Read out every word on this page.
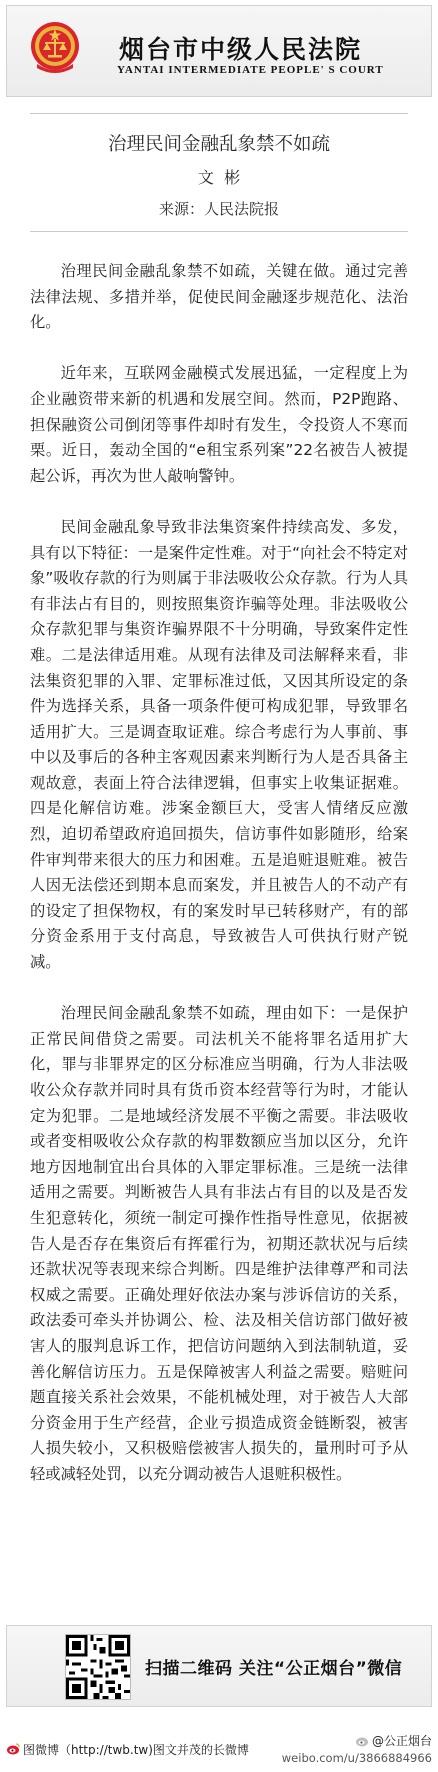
烟台市中级人民法院
YANTAI INTERMEDIATE PEOPLE' S COURT
治理民间金融乱象禁不如疏
文  彬
来源：人民法院报

治理民间金融乱象禁不如疏，关键在做。通过完善法律法规、多措并举，促使民间金融逐步规范化、法治化。

近年来，互联网金融模式发展迅猛，一定程度上为企业融资带来新的机遇和发展空间。然而，P2P跑路、担保融资公司倒闭等事件却时有发生，令投资人不寒而栗。近日，轰动全国的“e租宝系列案”22名被告人被提起公诉，再次为世人敲响警钟。

民间金融乱象导致非法集资案件持续高发、多发，具有以下特征：一是案件定性难。对于“向社会不特定对象”吸收存款的行为则属于非法吸收公众存款。行为人具有非法占有目的，则按照集资诈骗等处理。非法吸收公众存款犯罪与集资诈骗界限不十分明确，导致案件定性难。二是法律适用难。从现有法律及司法解释来看，非法集资犯罪的入罪、定罪标准过低，又因其所设定的条件为选择关系，具备一项条件便可构成犯罪，导致罪名适用扩大。三是调查取证难。综合考虑行为人事前、事中以及事后的各种主客观因素来判断行为人是否具备主观故意，表面上符合法律逻辑，但事实上收集证据难。四是化解信访难。涉案金额巨大，受害人情绪反应激烈，迫切希望政府追回损失，信访事件如影随形，给案件审判带来很大的压力和困难。五是追赃退赃难。被告人因无法偿还到期本息而案发，并且被告人的不动产有的设定了担保物权，有的案发时早已转移财产，有的部分资金系用于支付高息，导致被告人可供执行财产锐减。

治理民间金融乱象禁不如疏，理由如下：一是保护正常民间借贷之需要。司法机关不能将罪名适用扩大化，罪与非罪界定的区分标准应当明确，行为人非法吸收公众存款并同时具有货币资本经营等行为时，才能认定为犯罪。二是地域经济发展不平衡之需要。非法吸收或者变相吸收公众存款的构罪数额应当加以区分，允许地方因地制宜出台具体的入罪定罪标准。三是统一法律适用之需要。判断被告人具有非法占有目的以及是否发生犯意转化，须统一制定可操作性指导性意见，依据被告人是否存在集资后有挥霍行为，初期还款状况与后续还款状况等表现来综合判断。四是维护法律尊严和司法权威之需要。正确处理好依法办案与涉诉信访的关系，政法委可牵头并协调公、检、法及相关信访部门做好被害人的服判息诉工作，把信访问题纳入到法制轨道，妥善化解信访压力。五是保障被害人利益之需要。赔赃问题直接关系社会效果，不能机械处理，对于被告人大部分资金用于生产经营，企业亏损造成资金链断裂，被害人损失较小，又积极赔偿被害人损失的，量刑时可予从轻或减轻处罚，以充分调动被告人退赃积极性。

扫描二维码 关注“公正烟台”微信
图微博（http://twb.tw)图文并茂的长微博
@公正烟台
weibo.com/u/3866884966
